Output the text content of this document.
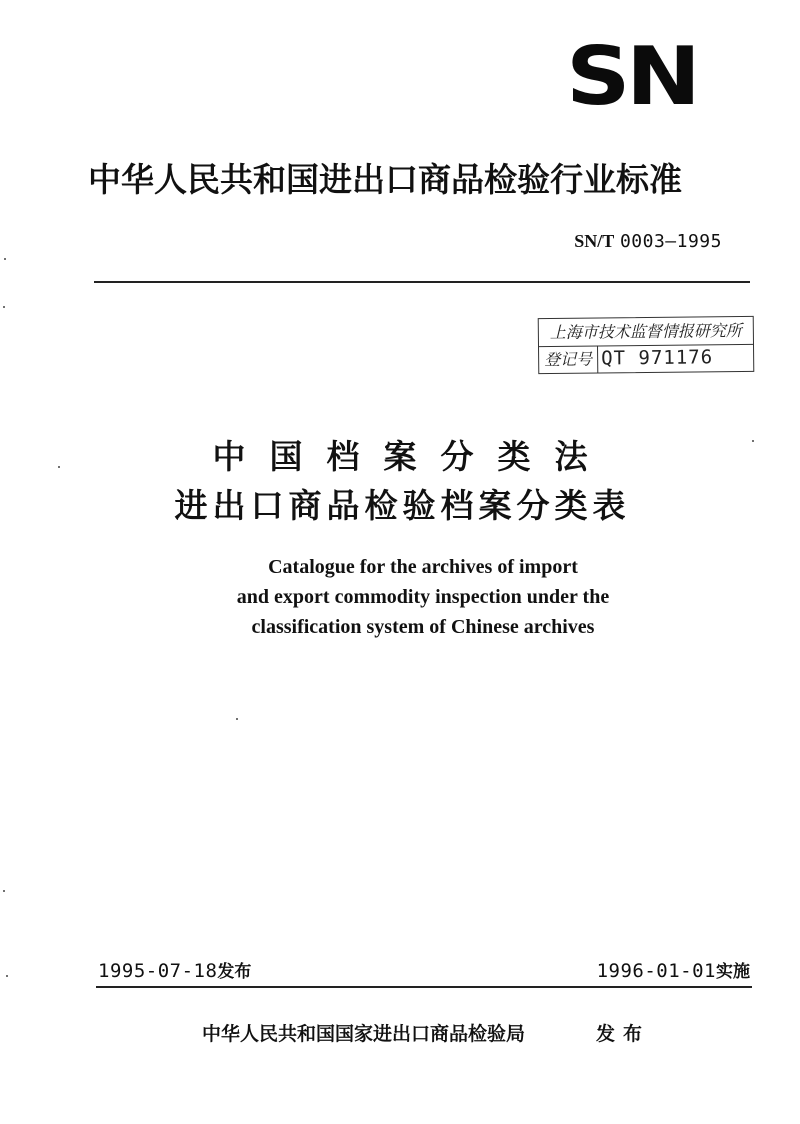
SN
中华人民共和国进出口商品检验行业标准
SN/T 0003—1995
上海市技术监督情报研究所
登记号 QT 971176
中国档案分类法
进出口商品检验档案分类表
Catalogue for the archives of import
and export commodity inspection under the
classification system of Chinese archives
1995-07-18发布	1996-01-01实施
中华人民共和国国家进出口商品检验局	发布
